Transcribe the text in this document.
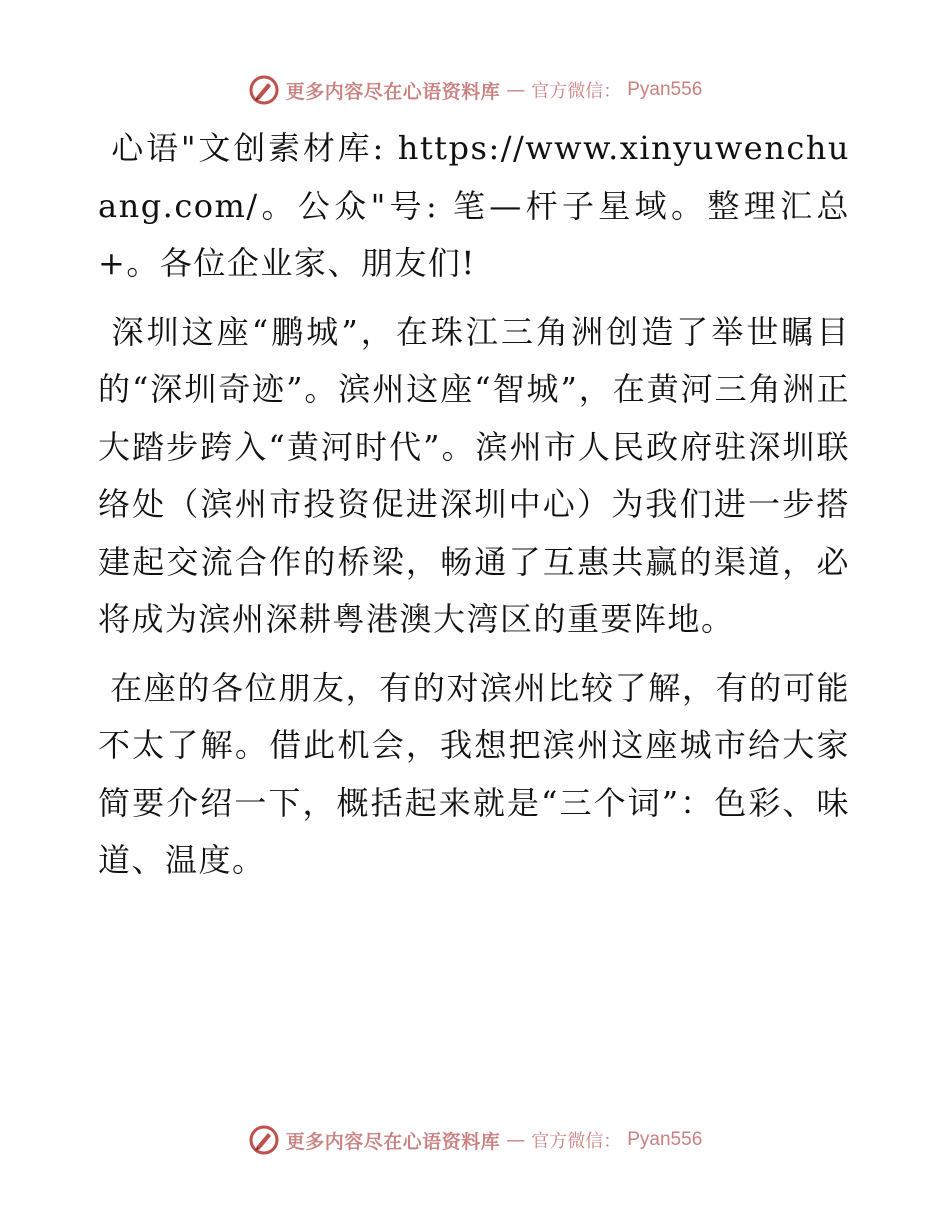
更多内容尽在心语资料库 — 官方微信： Pyan556

心语"文创素材库: https://www.xinyuwenchuang.com/。公众"号: 笔—杆子星域。整理汇总+。各位企业家、朋友们!

深圳这座“鹏城”，在珠江三角洲创造了举世瞩目的“深圳奇迹”。滨州这座“智城”，在黄河三角洲正大踏步跨入“黄河时代”。滨州市人民政府驻深圳联络处（滨州市投资促进深圳中心）为我们进一步搭建起交流合作的桥梁，畅通了互惠共赢的渠道，必将成为滨州深耕粤港澳大湾区的重要阵地。

在座的各位朋友，有的对滨州比较了解，有的可能不太了解。借此机会，我想把滨州这座城市给大家简要介绍一下，概括起来就是“三个词”：色彩、味道、温度。

更多内容尽在心语资料库 — 官方微信： Pyan556
